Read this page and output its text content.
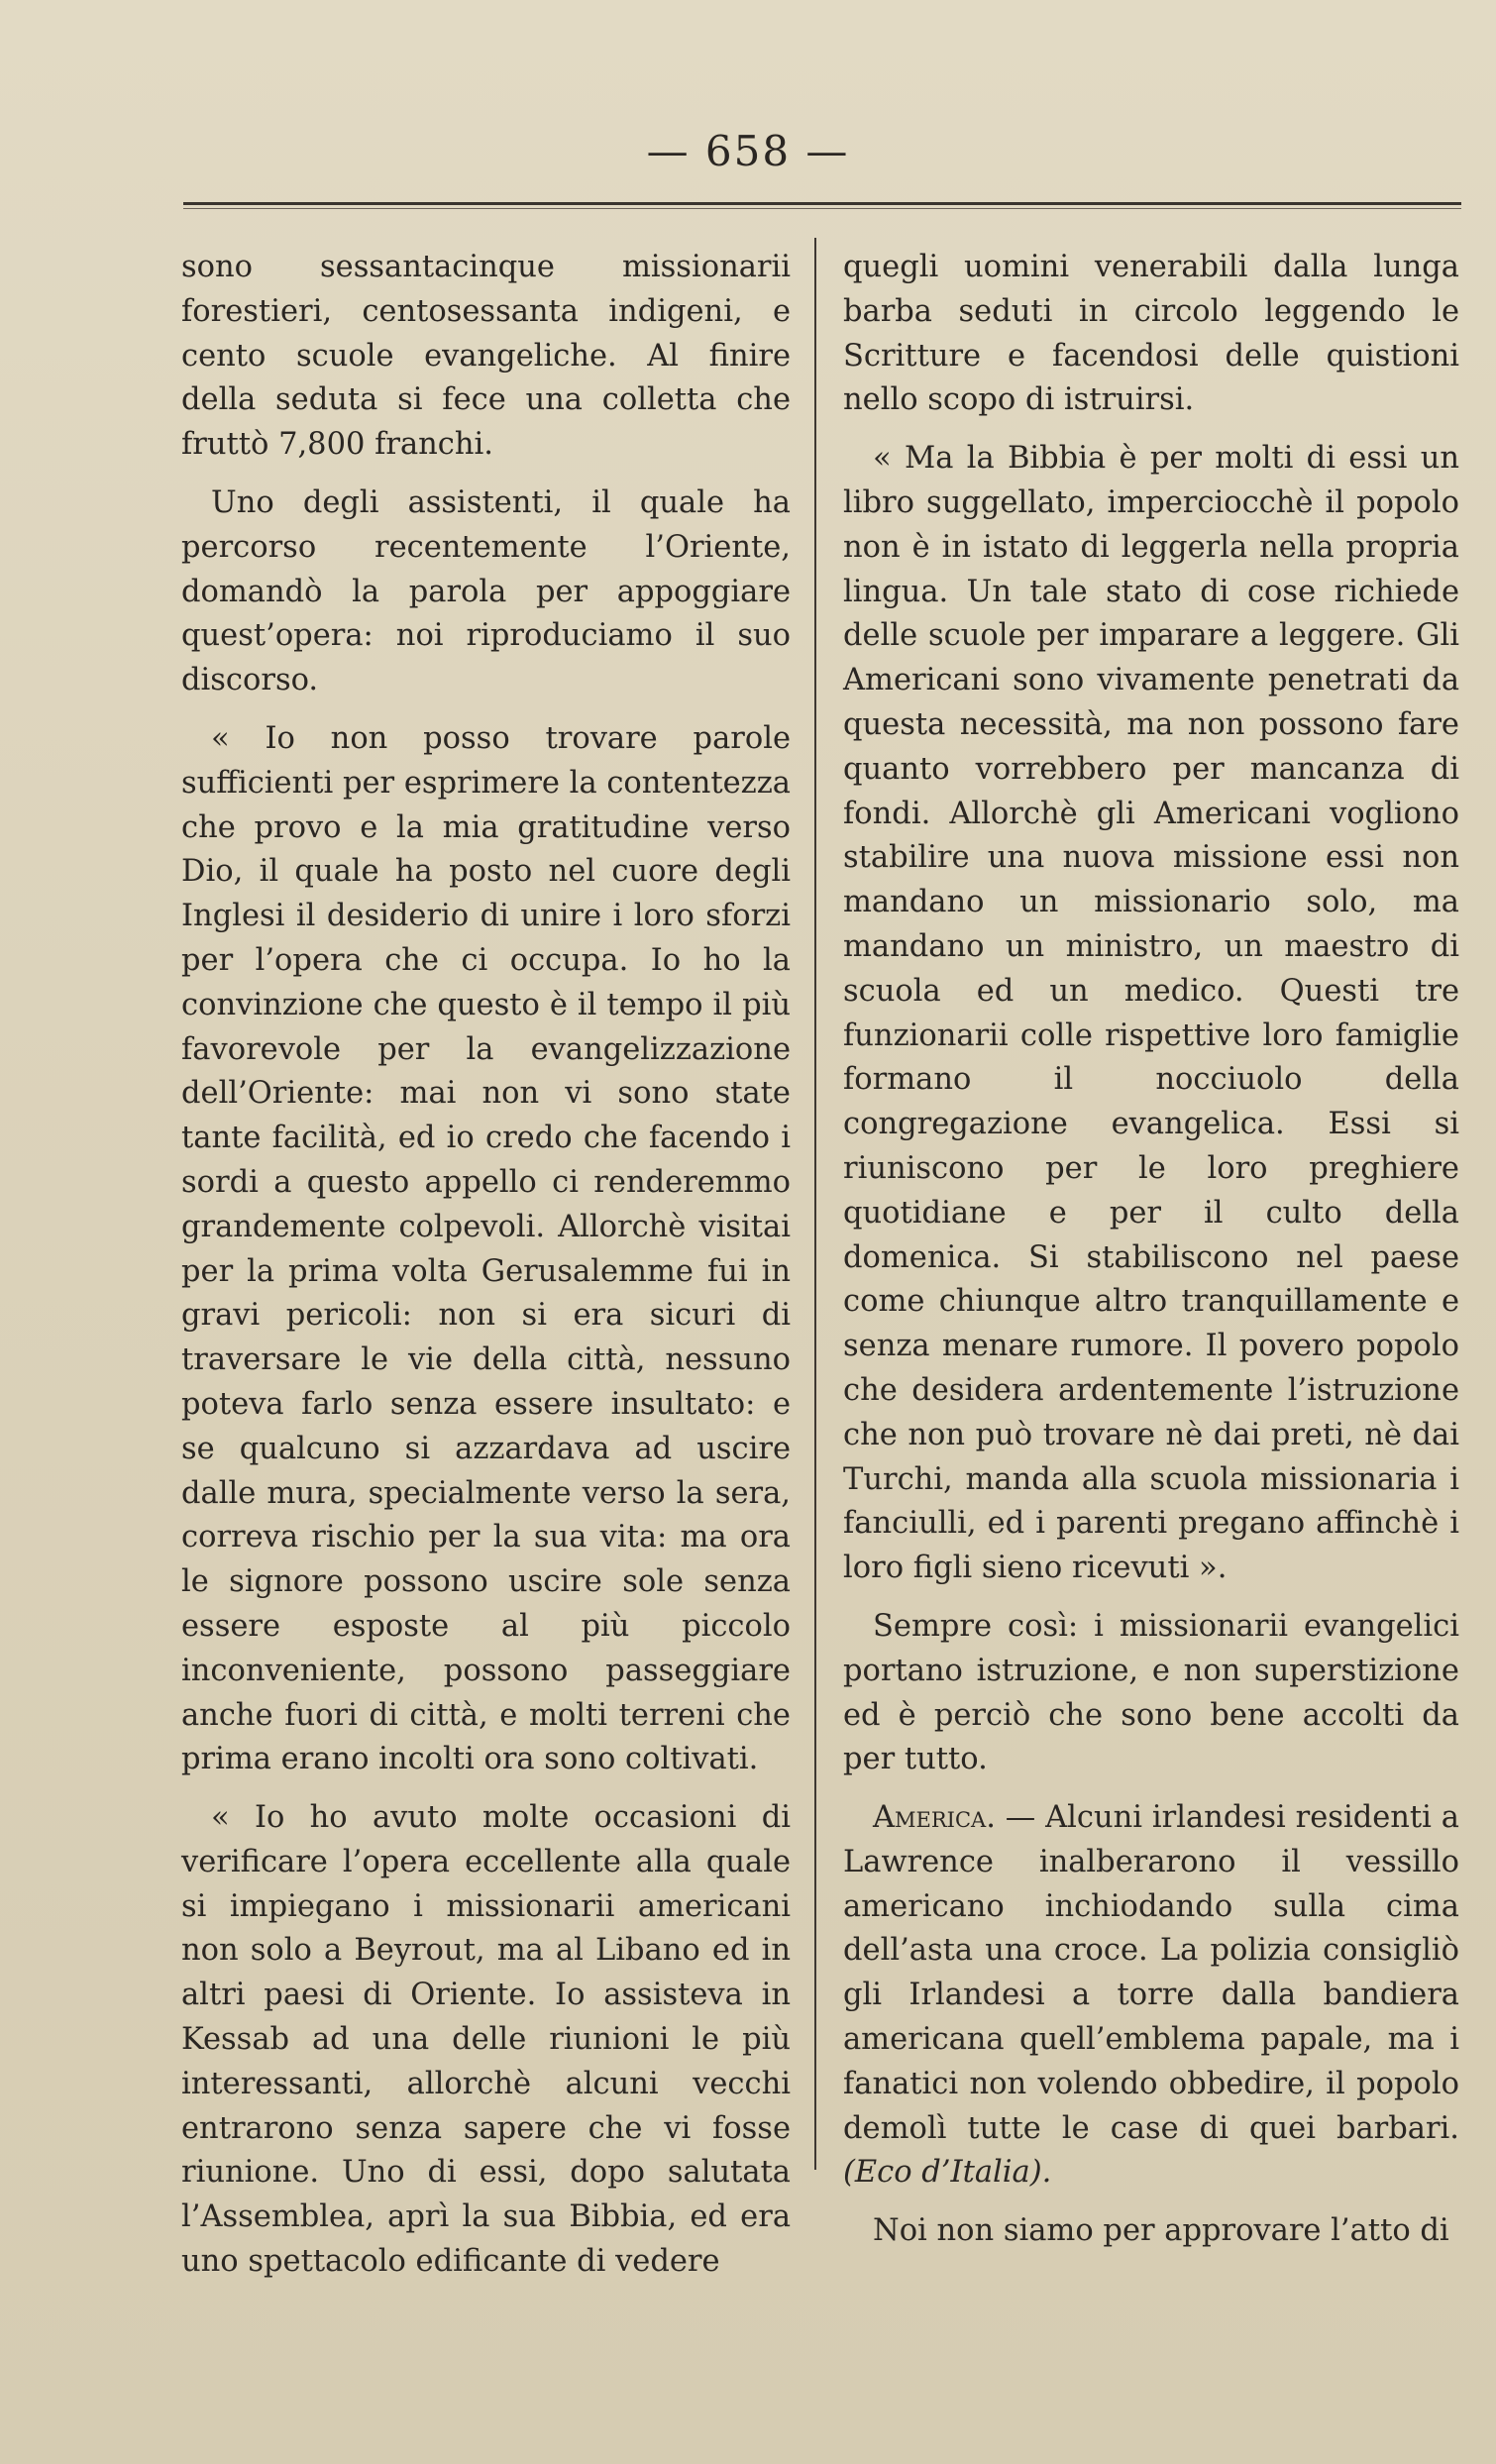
— 658 —

sono sessantacinque missionarii forestieri, centosessanta indigeni, e cento scuole evangeliche. Al finire della seduta si fece una colletta che fruttò 7,800 franchi.

Uno degli assistenti, il quale ha percorso recentemente l’Oriente, domandò la parola per appoggiare quest’opera: noi riproduciamo il suo discorso.

« Io non posso trovare parole sufficienti per esprimere la contentezza che provo e la mia gratitudine verso Dio, il quale ha posto nel cuore degli Inglesi il desiderio di unire i loro sforzi per l’opera che ci occupa. Io ho la convinzione che questo è il tempo il più favorevole per la evangelizzazione dell’Oriente: mai non vi sono state tante facilità, ed io credo che facendo i sordi a questo appello ci renderemmo grandemente colpevoli. Allorchè visitai per la prima volta Gerusalemme fui in gravi pericoli: non si era sicuri di traversare le vie della città, nessuno poteva farlo senza essere insultato: e se qualcuno si azzardava ad uscire dalle mura, specialmente verso la sera, correva rischio per la sua vita: ma ora le signore possono uscire sole senza essere esposte al più piccolo inconveniente, possono passeggiare anche fuori di città, e molti terreni che prima erano incolti ora sono coltivati.

« Io ho avuto molte occasioni di verificare l’opera eccellente alla quale si impiegano i missionarii americani non solo a Beyrout, ma al Libano ed in altri paesi di Oriente. Io assisteva in Kessab ad una delle riunioni le più interessanti, allorchè alcuni vecchi entrarono senza sapere che vi fosse riunione. Uno di essi, dopo salutata l’Assemblea, aprì la sua Bibbia, ed era uno spettacolo edificante di vedere

quegli uomini venerabili dalla lunga barba seduti in circolo leggendo le Scritture e facendosi delle quistioni nello scopo di istruirsi.

« Ma la Bibbia è per molti di essi un libro suggellato, imperciocchè il popolo non è in istato di leggerla nella propria lingua. Un tale stato di cose richiede delle scuole per imparare a leggere. Gli Americani sono vivamente penetrati da questa necessità, ma non possono fare quanto vorrebbero per mancanza di fondi. Allorchè gli Americani vogliono stabilire una nuova missione essi non mandano un missionario solo, ma mandano un ministro, un maestro di scuola ed un medico. Questi tre funzionarii colle rispettive loro famiglie formano il nocciuolo della congregazione evangelica. Essi si riuniscono per le loro preghiere quotidiane e per il culto della domenica. Si stabiliscono nel paese come chiunque altro tranquillamente e senza menare rumore. Il povero popolo che desidera ardentemente l’istruzione che non può trovare nè dai preti, nè dai Turchi, manda alla scuola missionaria i fanciulli, ed i parenti pregano affinchè i loro figli sieno ricevuti ».

Sempre così: i missionarii evangelici portano istruzione, e non superstizione ed è perciò che sono bene accolti da per tutto.

America. — Alcuni irlandesi residenti a Lawrence inalberarono il vessillo americano inchiodando sulla cima dell’asta una croce. La polizia consigliò gli Irlandesi a torre dalla bandiera americana quell’emblema papale, ma i fanatici non volendo obbedire, il popolo demolì tutte le case di quei barbari. (Eco d’Italia).

Noi non siamo per approvare l’atto di
